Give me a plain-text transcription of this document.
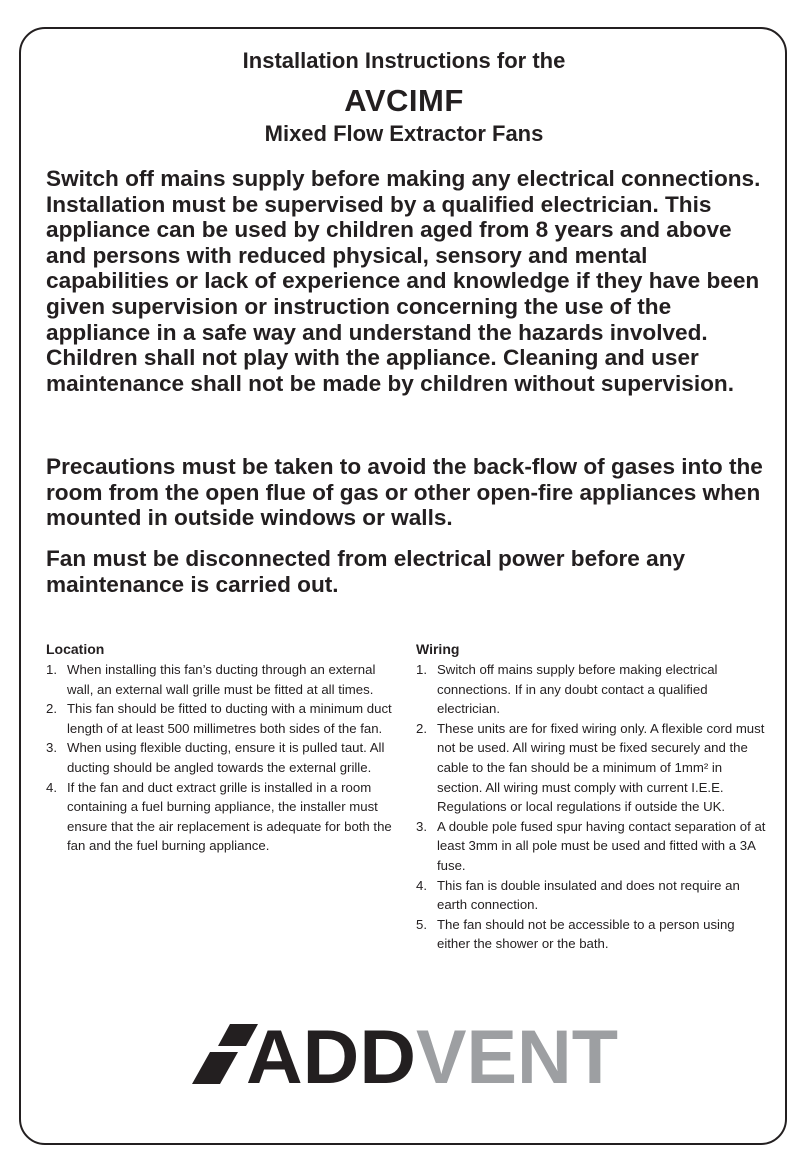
Installation Instructions for the
AVCIMF
Mixed Flow Extractor Fans

Switch off mains supply before making any electrical connections. Installation must be supervised by a qualified electrician. This appliance can be used by children aged from 8 years and above and persons with reduced physical, sensory and mental capabilities or lack of experience and knowledge if they have been given supervision or instruction concerning the use of the appliance in a safe way and understand the hazards involved. Children shall not play with the appliance. Cleaning and user maintenance shall not be made by children without supervision.

Precautions must be taken to avoid the back-flow of gases into the room from the open flue of gas or other open-fire appliances when mounted in outside windows or walls.

Fan must be disconnected from electrical power before any maintenance is carried out.

Location
1. When installing this fan’s ducting through an external wall, an external wall grille must be fitted at all times.
2. This fan should be fitted to ducting with a minimum duct length of at least 500 millimetres both sides of the fan.
3. When using flexible ducting, ensure it is pulled taut. All ducting should be angled towards the external grille.
4. If the fan and duct extract grille is installed in a room containing a fuel burning appliance, the installer must ensure that the air replacement is adequate for both the fan and the fuel burning appliance.
Wiring
1. Switch off mains supply before making electrical connections. If in any doubt contact a qualified electrician.
2. These units are for fixed wiring only. A flexible cord must not be used. All wiring must be fixed securely and the cable to the fan should be a minimum of 1mm² in section. All wiring must comply with current I.E.E. Regulations or local regulations if outside the UK.
3. A double pole fused spur having contact separation of at least 3mm in all pole must be used and fitted with a 3A fuse.
4. This fan is double insulated and does not require an earth connection.
5. The fan should not be accessible to a person using either the shower or the bath.
ADD VENT
